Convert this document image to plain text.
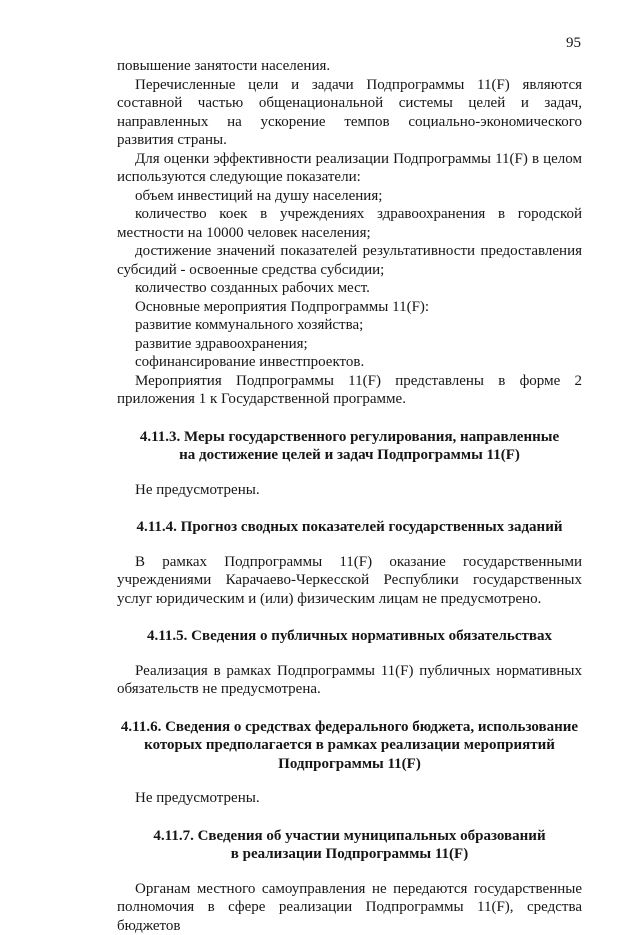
95

повышение занятости населения.

Перечисленные цели и задачи Подпрограммы 11(F) являются составной частью общенациональной системы целей и задач, направленных на ускорение темпов социально-экономического развития страны.

Для оценки эффективности реализации Подпрограммы 11(F) в целом используются следующие показатели:

объем инвестиций на душу населения;

количество коек в учреждениях здравоохранения в городской местности на 10000 человек населения;

достижение значений показателей результативности предоставления субсидий - освоенные средства субсидии;

количество созданных рабочих мест.

Основные мероприятия Подпрограммы 11(F):

развитие коммунального хозяйства;

развитие здравоохранения;

софинансирование инвестпроектов.

Мероприятия Подпрограммы 11(F) представлены в форме 2 приложения 1 к Государственной программе.

4.11.3. Меры государственного регулирования, направленные
на достижение целей и задач Подпрограммы 11(F)

Не предусмотрены.

4.11.4. Прогноз сводных показателей государственных заданий

В рамках Подпрограммы 11(F) оказание государственными учреждениями Карачаево-Черкесской Республики государственных услуг юридическим и (или) физическим лицам не предусмотрено.

4.11.5. Сведения о публичных нормативных обязательствах

Реализация в рамках Подпрограммы 11(F) публичных нормативных обязательств не предусмотрена.

4.11.6. Сведения о средствах федерального бюджета, использование
которых предполагается в рамках реализации мероприятий
Подпрограммы 11(F)

Не предусмотрены.

4.11.7. Сведения об участии муниципальных образований
в реализации Подпрограммы 11(F)

Органам местного самоуправления не передаются государственные полномочия в сфере реализации Подпрограммы 11(F), средства бюджетов
